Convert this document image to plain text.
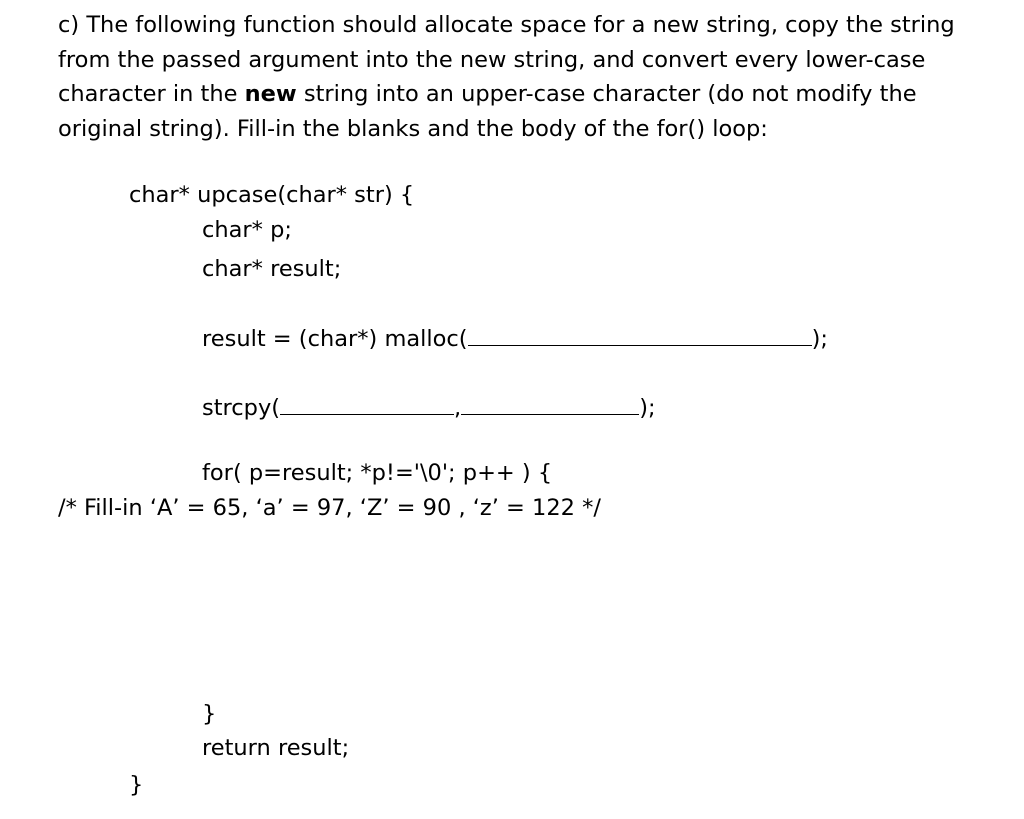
c) The following function should allocate space for a new string, copy the string from the passed argument into the new string, and convert every lower-case character in the new string into an upper-case character (do not modify the original string). Fill-in the blanks and the body of the for() loop:

char* upcase(char* str) {
char* p;
char* result;
result = (char*) malloc(	);
strcpy(	,	);
for( p=result; *p!='\0'; p++ ) {
/* Fill-in ‘A’ = 65, ‘a’ = 97, ‘Z’ = 90 , ‘z’ = 122 */
}
return result;
}
